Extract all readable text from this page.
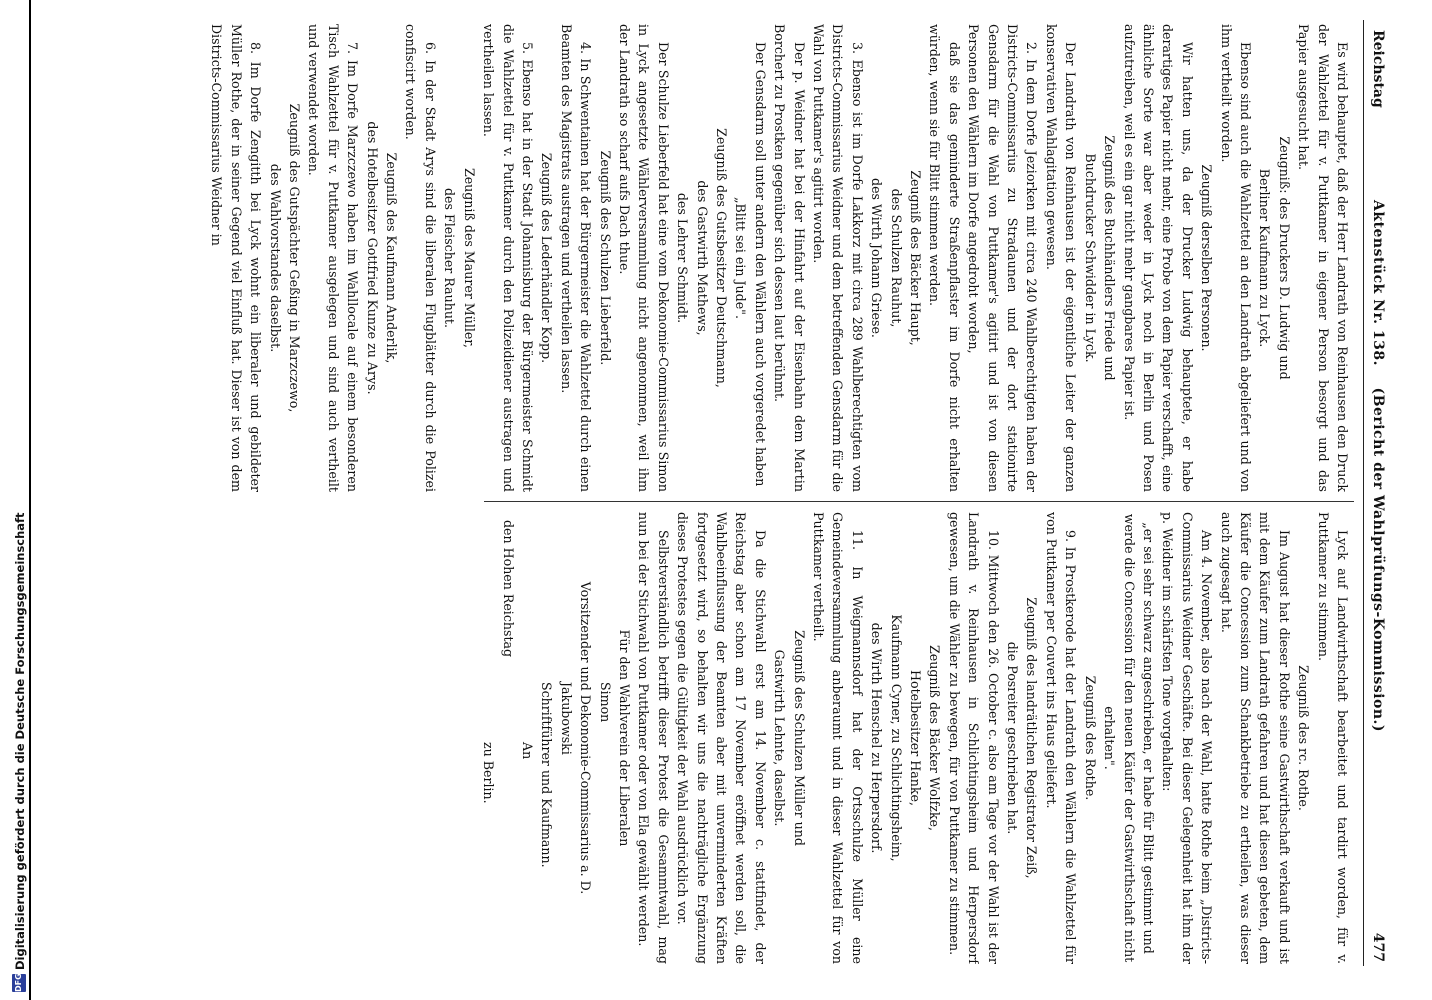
Reichstag
Aktenstück Nr. 138.    (Bericht der Wahlprüfungs-Kommission.)
477

Es wird behauptet, daß der Herr Landrath von Reinhausen den Druck der Wahlzettel für v. Puttkamer in eigener Person besorgt und das Papier ausgesucht hat.

Zeugniß: des Druckers D. Ludwig und

Berliner Kaufmann zu Lyck.

Ebenso sind auch die Wahlzettel an den Landrath abgeliefert und von ihm vertheilt worden.

Zeugniß derselben Personen.

Wir hatten uns, da der Drucker Ludwig behauptete, er habe derartiges Papier nicht mehr, eine Probe von dem Papier verschafft, eine ähnliche Sorte war aber weder in Lyck noch in Berlin und Posen aufzutreiben, weil es ein gar nicht mehr gangbares Papier ist.

Zeugniß des Buchhändlers Friede und

Buchdrucker Schwidder in Lyck.

Der Landrath von Reinhausen ist der eigentliche Leiter der ganzen konservativen Wahlagitation gewesen.

2. In dem Dorfe Jeziorken mit circa 240 Wahlberechtigten haben der Districts-Commissarius zu Stradaunen und der dort stationirte Gensdarm für die Wahl von Puttkamer's agitirt und ist von diesen Personen den Wählern im Dorfe angedroht worden,

daß sie das geminderte Straßenpflaster im Dorfe nicht erhalten würden, wenn sie für Blitt stimmen werden.

Zeugniß des Bäcker Haupt,

des Schulzen Rauhut,

des Wirth Johann Griese.

3. Ebenso ist im Dorfe Lakkorz mit circa 289 Wahlberechtigten vom Districts-Commissarius Weidner und dem betreffenden Gensdarm für die Wahl von Puttkamer's agitirt worden.

Der p. Weidner hat bei der Hinfahrt auf der Eisenbahn dem Martin Borchert zu Prostken gegenüber sich dessen laut berühmt.

Der Gensdarm soll unter andern den Wählern auch vorgeredet haben

„Blitt sei ein Jude".

Zeugniß des Gutsbesitzer Deutschmann,

des Gastwirth Mathews,

des Lehrer Schmidt.

Der Schulze Lieberfeld hat eine vom Dekonomie-Commissarius Simon in Lyck angesetzte Wählerversammlung nicht angenommen, weil ihm der Landrath so scharf aufs Dach thue.

Zeugniß des Schulzen Lieberfeld.

4. In Schwentainen hat der Bürgermeister die Wahlzettel durch einen Beamten des Magistrats austragen und vertheilen lassen.

Zeugniß des Lederhändler Kopp.

5. Ebenso hat in der Stadt Johannisburg der Bürgermeister Schmidt die Wahlzettel für v. Puttkamer durch den Polizeidiener austragen und vertheilen lassen.

Zeugniß des Maurer Müller,

des Fleischer Rauhut.

6. In der Stadt Arys sind die liberalen Flugblätter durch die Polizei confiscirt worden.

Zeugniß des Kaufmann Anderlik,

des Hotelbesitzer Gottfried Kunze zu Arys.

7. Im Dorfe Marzczewo haben im Wahllocale auf einem besonderen Tisch Wahlzettel für v. Puttkamer ausgelegen und sind auch vertheilt und verwendet worden.

Zeugniß des Gutspächter Geßing in Marzczewo,

des Wahlvorstandes daselbst.

8. Im Dorfe Zengitth bei Lyck wohnt ein liberaler und gebildeter Müller Rothe, der in seiner Gegend viel Einfluß hat. Dieser ist von dem Districts-Commissarius Weidner in

Lyck auf Landwirthschaft bearbeitet und tardirt worden, für v. Puttkamer zu stimmen.

Zeugniß des rc. Rothe.

Im August hat dieser Rothe seine Gastwirthschaft verkauft und ist mit dem Käufer zum Landrath gefahren und hat diesen gebeten, dem Käufer die Concession zum Schankbetriebe zu ertheilen, was dieser auch zugesagt hat.

Am 4. November, also nach der Wahl, hatte Rothe beim „Districts-Commissarius Weidner Geschäfte. Bei dieser Gelegenheit hat ihm der p. Weidner im schärfsten Tone vorgehalten:

„er sei sehr schwarz angeschrieben, er habe für Blitt gestimmt und werde die Concession für den neuen Käufer der Gastwirthschaft nicht erhalten".

Zeugniß des Rothe.

9. In Prostkerode hat der Landrath den Wählern die Wahlzettel für von Puttkamer per Couvert ins Haus geliefert.

Zeugniß des landrätlichen Registrator Zeiß,

die Posreiter geschrieben hat.

10. Mittwoch den 26. October c. also am Tage vor der Wahl ist der Landrath v. Reinhausen in Schlichtingsheim und Herpersdorf gewesen, um die Wähler zu bewegen, für von Puttkamer zu stimmen.

Zeugniß des Bäcker Wolfzke,

Hotelbesitzer Hanke,

Kaufmann Cyner, zu Schlichtingsheim,

des Wirth Henschel zu Herpersdorf.

11. In Weigmannsdorf hat der Ortsschulze Müller eine Gemeindeversammlung anberaumt und in dieser Wahlzettel für von Puttkamer vertheilt.

Zeugniß des Schulzen Müller und

Gastwirth Lehnte, daselbst.

Da die Stichwahl erst am 14. November c. stattfindet, der Reichstag aber schon am 17 November eröffnet werden soll, die Wahlbeeinflussung der Beamten aber mit unverminderten Kräften fortgesetzt wird, so behalten wir uns die nachträgliche Ergänzung dieses Protestes gegen die Gültigkeit der Wahl ausdrücklich vor.

Selbstverständlich betrifft dieser Protest die Gesammtwahl, mag nun bei der Stichwahl von Puttkamer oder von Ela gewählt werden.

Für den Wahlverein der Liberalen

Simon

Vorsitzender und Dekonomie-Commissarius a. D.

Jakubowski

Schriftführer und Kaufmann.

An

den Hohen Reichstag

zu Berlin.

DFG
Digitalisierung gefördert durch die Deutsche Forschungsgemeinschaft
